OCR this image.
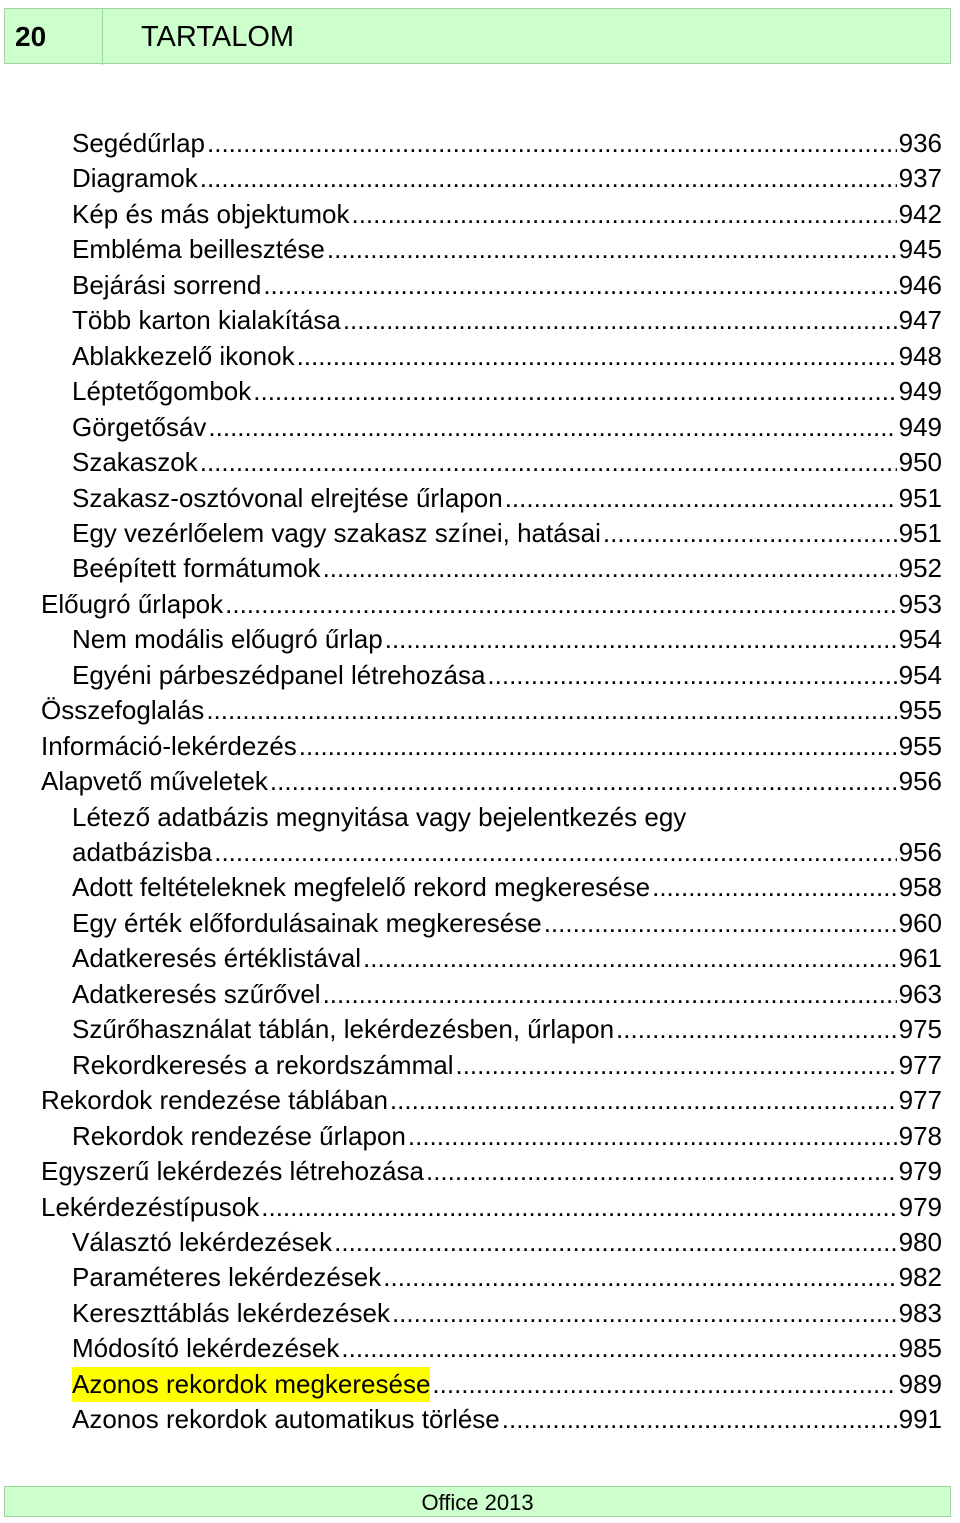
20	TARTALOM
Segédűrlap .....	936
Diagramok .....	937
Kép és más objektumok .....	942
Embléma beillesztése .....	945
Bejárási sorrend .....	946
Több karton kialakítása .....	947
Ablakkezelő ikonok .....	948
Léptetőgombok .....	949
Görgetősáv .....	949
Szakaszok .....	950
Szakasz-osztóvonal elrejtése űrlapon .....	951
Egy vezérlőelem vagy szakasz színei, hatásai .....	951
Beépített formátumok .....	952
Előugró űrlapok .....	953
Nem modális előugró űrlap .....	954
Egyéni párbeszédpanel létrehozása .....	954
Összefoglalás .....	955
Információ-lekérdezés .....	955
Alapvető műveletek .....	956
Létező adatbázis megnyitása vagy bejelentkezés egy
adatbázisba .....	956
Adott feltételeknek megfelelő rekord megkeresése .....	958
Egy érték előfordulásainak megkeresése .....	960
Adatkeresés értéklistával .....	961
Adatkeresés szűrővel .....	963
Szűrőhasználat táblán, lekérdezésben, űrlapon .....	975
Rekordkeresés a rekordszámmal .....	977
Rekordok rendezése táblában .....	977
Rekordok rendezése űrlapon .....	978
Egyszerű lekérdezés létrehozása .....	979
Lekérdezéstípusok .....	979
Választó lekérdezések .....	980
Paraméteres lekérdezések .....	982
Kereszttáblás lekérdezések .....	983
Módosító lekérdezések .....	985
Azonos rekordok megkeresése .....	989
Azonos rekordok automatikus törlése .....	991
Office 2013
